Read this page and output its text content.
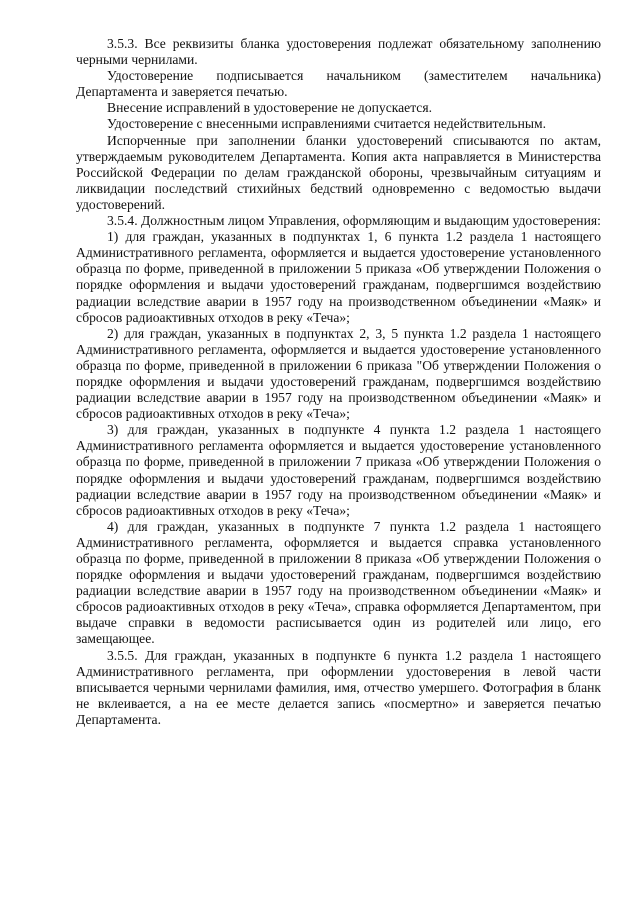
3.5.3. Все реквизиты бланка удостоверения подлежат обязательному заполнению черными чернилами.

Удостоверение подписывается начальником (заместителем начальника) Департамента и заверяется печатью.

Внесение исправлений в удостоверение не допускается.

Удостоверение с внесенными исправлениями считается недействительным.

Испорченные при заполнении бланки удостоверений списываются по актам, утверждаемым руководителем Департамента. Копия акта направляется в Министерства Российской Федерации по делам гражданской обороны, чрезвычайным ситуациям и ликвидации последствий стихийных бедствий одновременно с ведомостью выдачи удостоверений.

3.5.4. Должностным лицом Управления, оформляющим и выдающим удостоверения:

1) для граждан, указанных в подпунктах 1, 6 пункта 1.2 раздела 1 настоящего Административного регламента, оформляется и выдается удостоверение установленного образца по форме, приведенной в приложении 5 приказа «Об утверждении Положения о порядке оформления и выдачи удостоверений гражданам, подвергшимся воздействию радиации вследствие аварии в 1957 году на производственном объединении «Маяк» и сбросов радиоактивных отходов в реку «Теча»;

2) для граждан, указанных в подпунктах 2, 3, 5 пункта 1.2 раздела 1 настоящего Административного регламента, оформляется и выдается удостоверение установленного образца по форме, приведенной в приложении 6 приказа "Об утверждении Положения о порядке оформления и выдачи удостоверений гражданам, подвергшимся воздействию радиации вследствие аварии в 1957 году на производственном объединении «Маяк» и сбросов радиоактивных отходов в реку «Теча»;

3) для граждан, указанных в подпункте 4 пункта 1.2 раздела 1 настоящего Административного регламента оформляется и выдается удостоверение установленного образца по форме, приведенной в приложении 7 приказа «Об утверждении Положения о порядке оформления и выдачи удостоверений гражданам, подвергшимся воздействию радиации вследствие аварии в 1957 году на производственном объединении «Маяк» и сбросов радиоактивных отходов в реку «Теча»;

4) для граждан, указанных в подпункте 7 пункта 1.2 раздела 1 настоящего Административного регламента, оформляется и выдается справка установленного образца по форме, приведенной в приложении 8 приказа «Об утверждении Положения о порядке оформления и выдачи удостоверений гражданам, подвергшимся воздействию радиации вследствие аварии в 1957 году на производственном объединении «Маяк» и сбросов радиоактивных отходов в реку «Теча», справка оформляется Департаментом, при выдаче справки в ведомости расписывается один из родителей или лицо, его замещающее.

3.5.5. Для граждан, указанных в подпункте 6 пункта 1.2 раздела 1 настоящего Административного регламента, при оформлении удостоверения в левой части вписывается черными чернилами фамилия, имя, отчество умершего. Фотография в бланк не вклеивается, а на ее месте делается запись «посмертно» и заверяется печатью Департамента.
